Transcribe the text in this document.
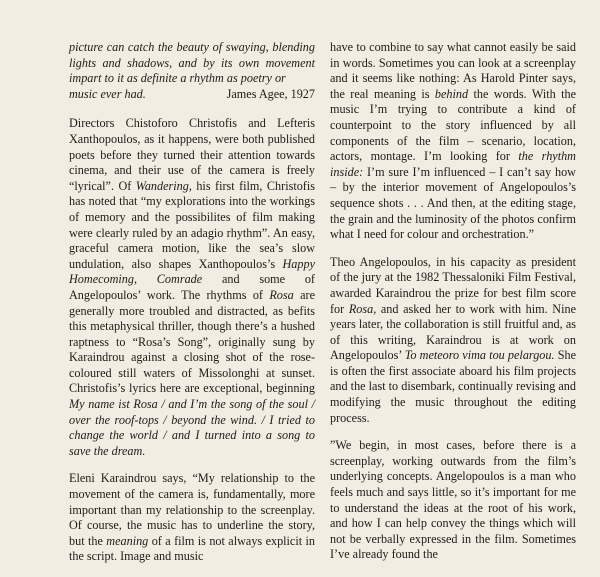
picture can catch the beauty of swaying, blending lights and shadows, and by its own movement impart to it as definite a rhythm as poetry or

music ever had.	James Agee, 1927

Directors Chistoforo Christofis and Lefteris Xanthopoulos, as it happens, were both published poets before they turned their attention towards cinema, and their use of the camera is freely “lyrical”. Of Wandering, his first film, Christofis has noted that “my explorations into the workings of memory and the possibilites of film making were clearly ruled by an adagio rhythm”. An easy, graceful camera motion, like the sea’s slow undulation, also shapes Xanthopoulos’s Happy Homecoming, Comrade and some of Angelopoulos’ work. The rhythms of Rosa are generally more troubled and distracted, as befits this metaphysical thriller, though there’s a hushed raptness to “Rosa’s Song”, originally sung by Karaindrou against a closing shot of the rose-coloured still waters of Missolonghi at sunset. Christofis’s lyrics here are exceptional, beginning My name ist Rosa / and I’m the song of the soul / over the roof-tops / beyond the wind. / I tried to change the world / and I turned into a song to save the dream.

Eleni Karaindrou says, “My relationship to the movement of the camera is, fundamentally, more important than my relationship to the screenplay. Of course, the music has to underline the story, but the meaning of a film is not always explicit in the script. Image and music

have to combine to say what cannot easily be said in words. Sometimes you can look at a screenplay and it seems like nothing: As Harold Pinter says, the real meaning is behind the words. With the music I’m trying to contribute a kind of counterpoint to the story influenced by all components of the film – scenario, location, actors, montage. I’m looking for the rhythm inside: I’m sure I’m influenced – I can’t say how – by the interior movement of Angelopoulos’s sequence shots . . . And then, at the editing stage, the grain and the luminosity of the photos confirm what I need for colour and orchestration.”

Theo Angelopoulos, in his capacity as president of the jury at the 1982 Thessaloniki Film Festival, awarded Karaindrou the prize for best film score for Rosa, and asked her to work with him. Nine years later, the collaboration is still fruitful and, as of this writing, Karaindrou is at work on Angelopoulos’ To meteoro vima tou pelargou. She is often the first associate aboard his film projects and the last to disembark, continually revising and modifying the music throughout the editing process.

”We begin, in most cases, before there is a screenplay, working outwards from the film’s underlying concepts. Angelopoulos is a man who feels much and says little, so it’s important for me to understand the ideas at the root of his work, and how I can help convey the things which will not be verbally expressed in the film. Sometimes I’ve already found the
